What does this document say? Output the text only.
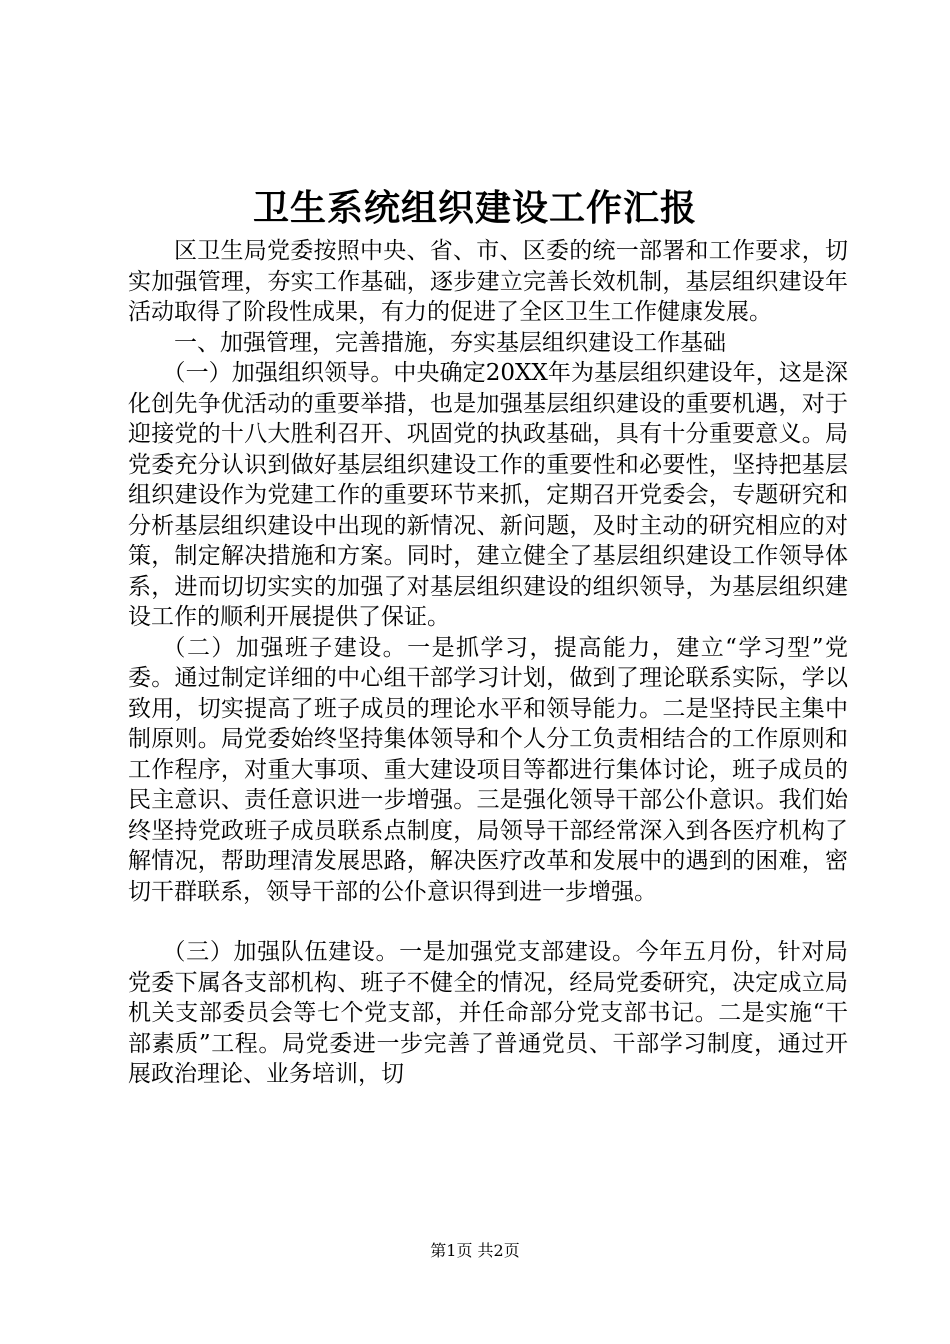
卫生系统组织建设工作汇报

区卫生局党委按照中央、省、市、区委的统一部署和工作要求，切实加强管理，夯实工作基础，逐步建立完善长效机制，基层组织建设年活动取得了阶段性成果，有力的促进了全区卫生工作健康发展。

一、加强管理，完善措施，夯实基层组织建设工作基础

（一）加强组织领导。中央确定20XX年为基层组织建设年，这是深化创先争优活动的重要举措，也是加强基层组织建设的重要机遇，对于迎接党的十八大胜利召开、巩固党的执政基础，具有十分重要意义。局党委充分认识到做好基层组织建设工作的重要性和必要性，坚持把基层组织建设作为党建工作的重要环节来抓，定期召开党委会，专题研究和分析基层组织建设中出现的新情况、新问题，及时主动的研究相应的对策，制定解决措施和方案。同时，建立健全了基层组织建设工作领导体系，进而切切实实的加强了对基层组织建设的组织领导，为基层组织建设工作的顺利开展提供了保证。

（二）加强班子建设。一是抓学习，提高能力，建立“学习型”党委。通过制定详细的中心组干部学习计划，做到了理论联系实际，学以致用，切实提高了班子成员的理论水平和领导能力。二是坚持民主集中制原则。局党委始终坚持集体领导和个人分工负责相结合的工作原则和工作程序，对重大事项、重大建设项目等都进行集体讨论，班子成员的民主意识、责任意识进一步增强。三是强化领导干部公仆意识。我们始终坚持党政班子成员联系点制度，局领导干部经常深入到各医疗机构了解情况，帮助理清发展思路，解决医疗改革和发展中的遇到的困难，密切干群联系，领导干部的公仆意识得到进一步增强。

（三）加强队伍建设。一是加强党支部建设。今年五月份，针对局党委下属各支部机构、班子不健全的情况，经局党委研究，决定成立局机关支部委员会等七个党支部，并任命部分党支部书记。二是实施“干部素质”工程。局党委进一步完善了普通党员、干部学习制度，通过开展政治理论、业务培训，切

第1页 共2页
